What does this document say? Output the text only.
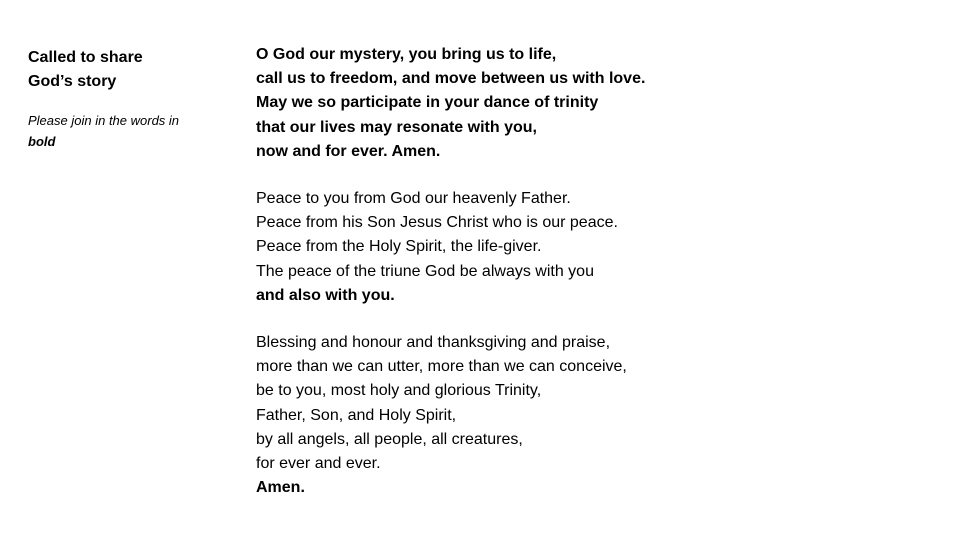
Called to share
God’s story
Please join in the words in
bold

O God our mystery, you bring us to life,
call us to freedom, and move between us with love.
May we so participate in your dance of trinity
that our lives may resonate with you,
now and for ever. Amen.

Peace to you from God our heavenly Father.
Peace from his Son Jesus Christ who is our peace.
Peace from the Holy Spirit, the life-giver.
The peace of the triune God be always with you
and also with you.

Blessing and honour and thanksgiving and praise,
more than we can utter, more than we can conceive,
be to you, most holy and glorious Trinity,
Father, Son, and Holy Spirit,
by all angels, all people, all creatures,
for ever and ever.
Amen.
